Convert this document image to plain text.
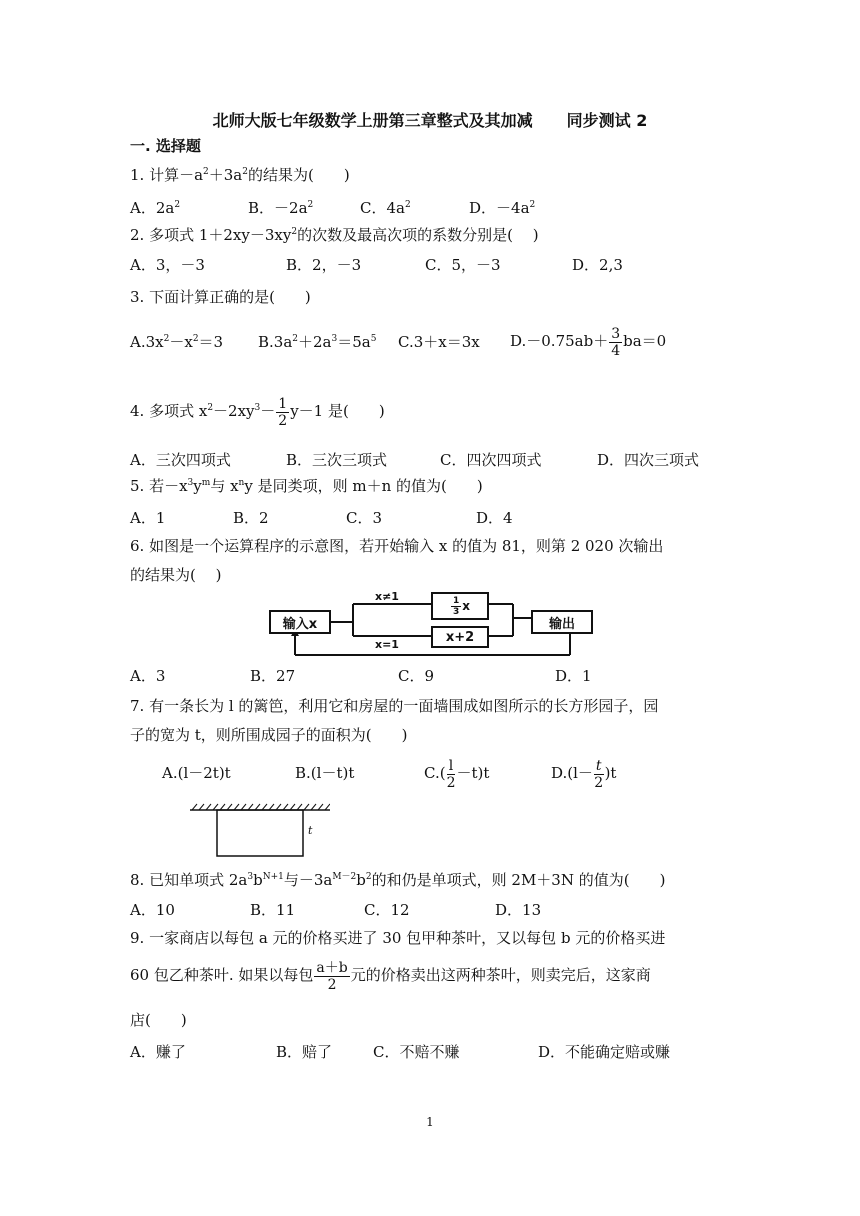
北师大版七年级数学上册第三章整式及其加减 同步测试 2
一. 选择题
1. 计算$-a^2+3a^2$的结果为(　　)
A．$2a^2$	B．$-2a^2$	C．$4a^2$	D．$-4a^2$
2. 多项式 $1+2xy-3xy^2$的次数及最高次项的系数分别是(　 )
A．3，－3	B．2，－3	C．5，－3	D．2,3
3. 下面计算正确的是(　　)
$A.3x^2-x^2=3$ $B.3a^2+2a^3=5a^5$ C.3＋x＝3x $D.-0.75ab+ \frac{3}{4} ba=0$
4. 多项式 $x^2-2xy^3- \frac{1}{2} y-1$ 是(　　)
A．三次四项式	B．三次三项式	C．四次四项式	D．四次三项式
5. 若$-x^3y^m$与 $x^ny$ 是同类项，则 m＋n 的值为(　　)
A．1	B．2	C．3	D．4
6. 如图是一个运算程序的示意图，若开始输入 x 的值为 81，则第 2 020 次输出
的结果为(　 )
输入x
x≠1	$\frac{1}{3}$ x
x=1	x+2
输出
A．3	B．27	C．9	D．1
7. 有一条长为 l 的篱笆，利用它和房屋的一面墙围成如图所示的长方形园子，园
子的宽为 t，则所围成园子的面积为(　　)
A.(l－2t)t	B.(l－t)t	$C.( \frac{l}{2} -t)t$	$D.(l- \frac{t}{2} )t$
t
8. 已知单项式 $2a^3b^{N+1}$与$-3a^{M-2}b^2$的和仍是单项式，则 2M＋3N 的值为(　　)
A．10	B．11	C．12	D．13
9. 一家商店以每包 a 元的价格买进了 30 包甲种茶叶，又以每包 b 元的价格买进
60 包乙种茶叶. 如果以每包 $\frac{a+b}{2}$ 元的价格卖出这两种茶叶，则卖完后，这家商
店(　　)
A．赚了	B．赔了	C．不赔不赚	D．不能确定赔或赚
1
